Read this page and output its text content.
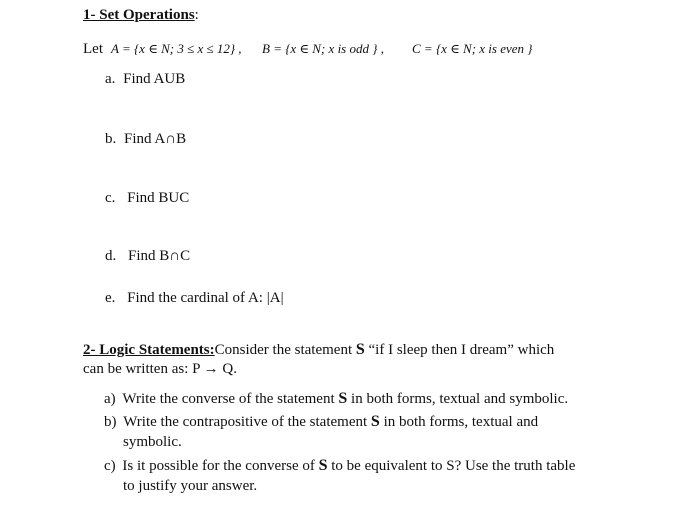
1- Set Operations:
Let A = {x ∈ N; 3 ≤ x ≤ 12} , B = {x ∈ N; x is odd } , C = {x ∈ N; x is even }
a. Find AUB
b. Find A∩B
c. Find BUC
d. Find B∩C
e. Find the cardinal of A: |A|
2- Logic Statements:Consider the statement S “if I sleep then I dream” which
can be written as: P → Q.
a) Write the converse of the statement S in both forms, textual and symbolic.
b) Write the contrapositive of the statement S in both forms, textual and
symbolic.
c) Is it possible for the converse of S to be equivalent to S? Use the truth table
to justify your answer.
